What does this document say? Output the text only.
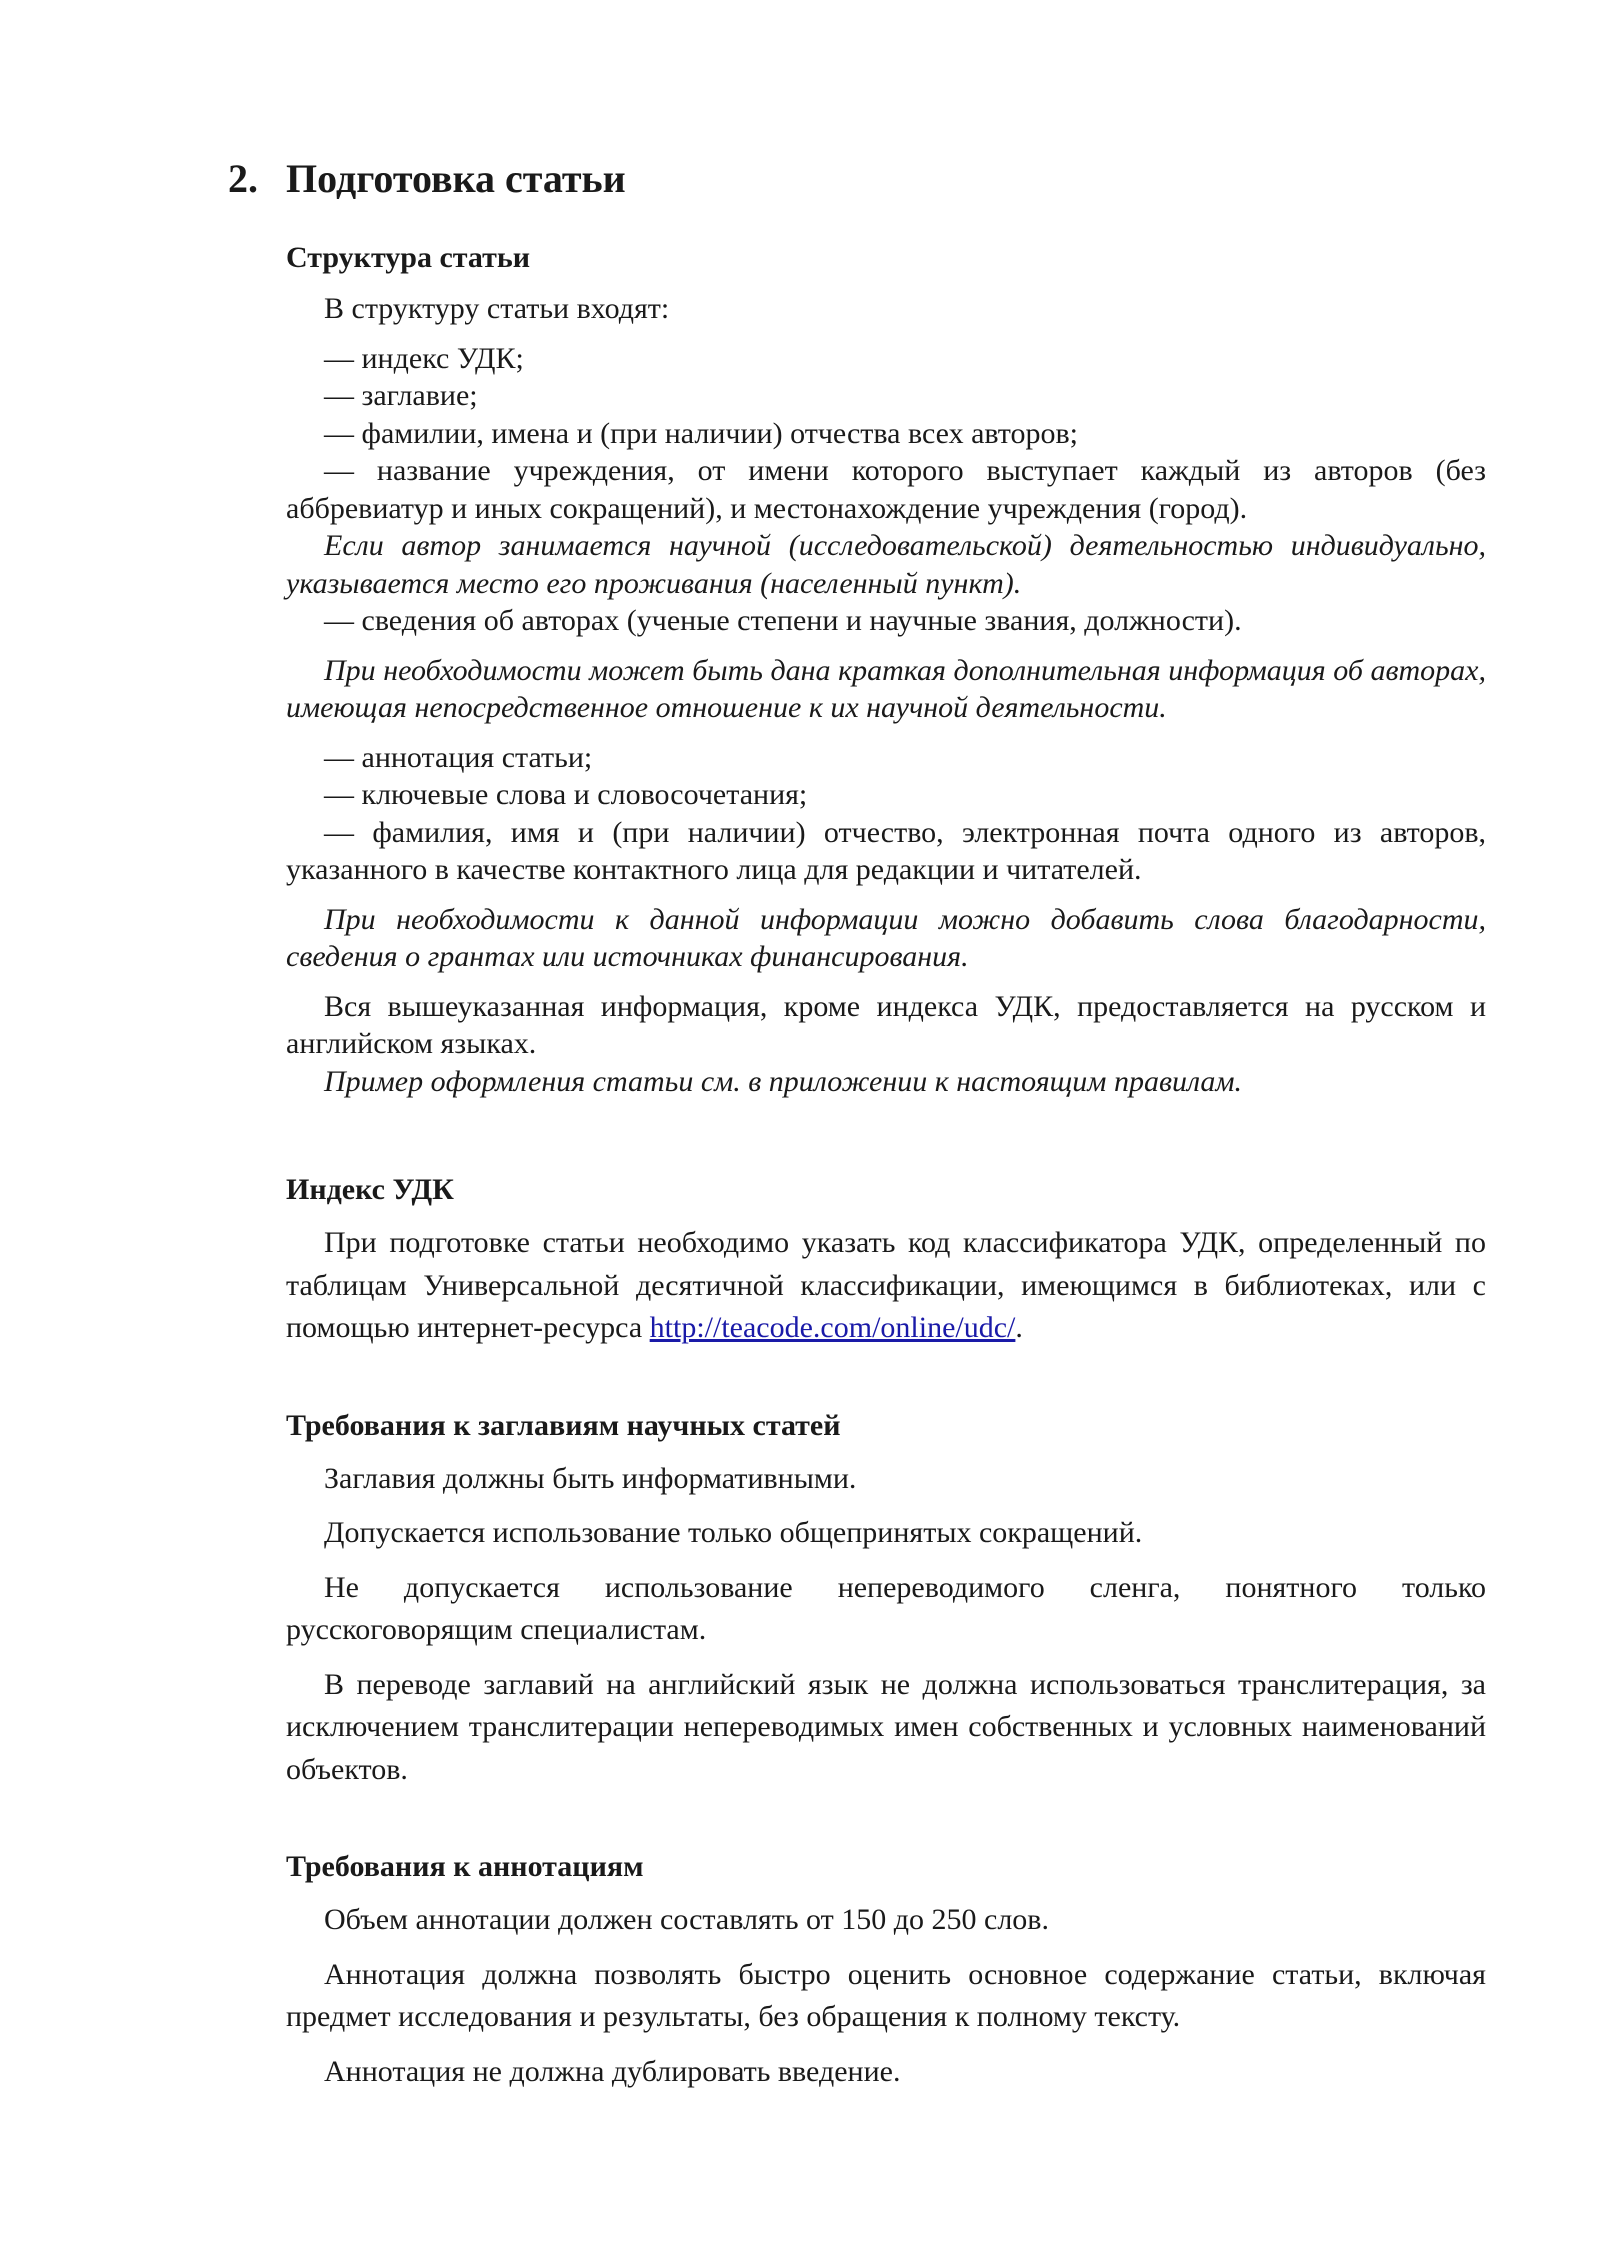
2. Подготовка статьи
Структура статьи

В структуру статьи входят:

— индекс УДК;

— заглавие;

— фамилии, имена и (при наличии) отчества всех авторов;

— название учреждения, от имени которого выступает каждый из авторов (без аббревиатур и иных сокращений), и местонахождение учреждения (город).

Если автор занимается научной (исследовательской) деятельностью индивидуально, указывается место его проживания (населенный пункт).

— сведения об авторах (ученые степени и научные звания, должности).

При необходимости может быть дана краткая дополнительная информация об авторах, имеющая непосредственное отношение к их научной деятельности.

— аннотация статьи;

— ключевые слова и словосочетания;

— фамилия, имя и (при наличии) отчество, электронная почта одного из авторов, указанного в качестве контактного лица для редакции и читателей.

При необходимости к данной информации можно добавить слова благодарности, сведения о грантах или источниках финансирования.

Вся вышеуказанная информация, кроме индекса УДК, предоставляется на русском и английском языках.

Пример оформления статьи см. в приложении к настоящим правилам.

Индекс УДК

При подготовке статьи необходимо указать код классификатора УДК, определенный по таблицам Универсальной десятичной классификации, имеющимся в библиотеках, или с помощью интернет-ресурса http://teacode.com/online/udc/.

Требования к заглавиям научных статей

Заглавия должны быть информативными.

Допускается использование только общепринятых сокращений.

Не допускается использование непереводимого сленга, понятного только русскоговорящим специалистам.

В переводе заглавий на английский язык не должна использоваться транслитерация, за исключением транслитерации непереводимых имен собственных и условных наименований объектов.

Требования к аннотациям

Объем аннотации должен составлять от 150 до 250 слов.

Аннотация должна позволять быстро оценить основное содержание статьи, включая предмет исследования и результаты, без обращения к полному тексту.

Аннотация не должна дублировать введение.
